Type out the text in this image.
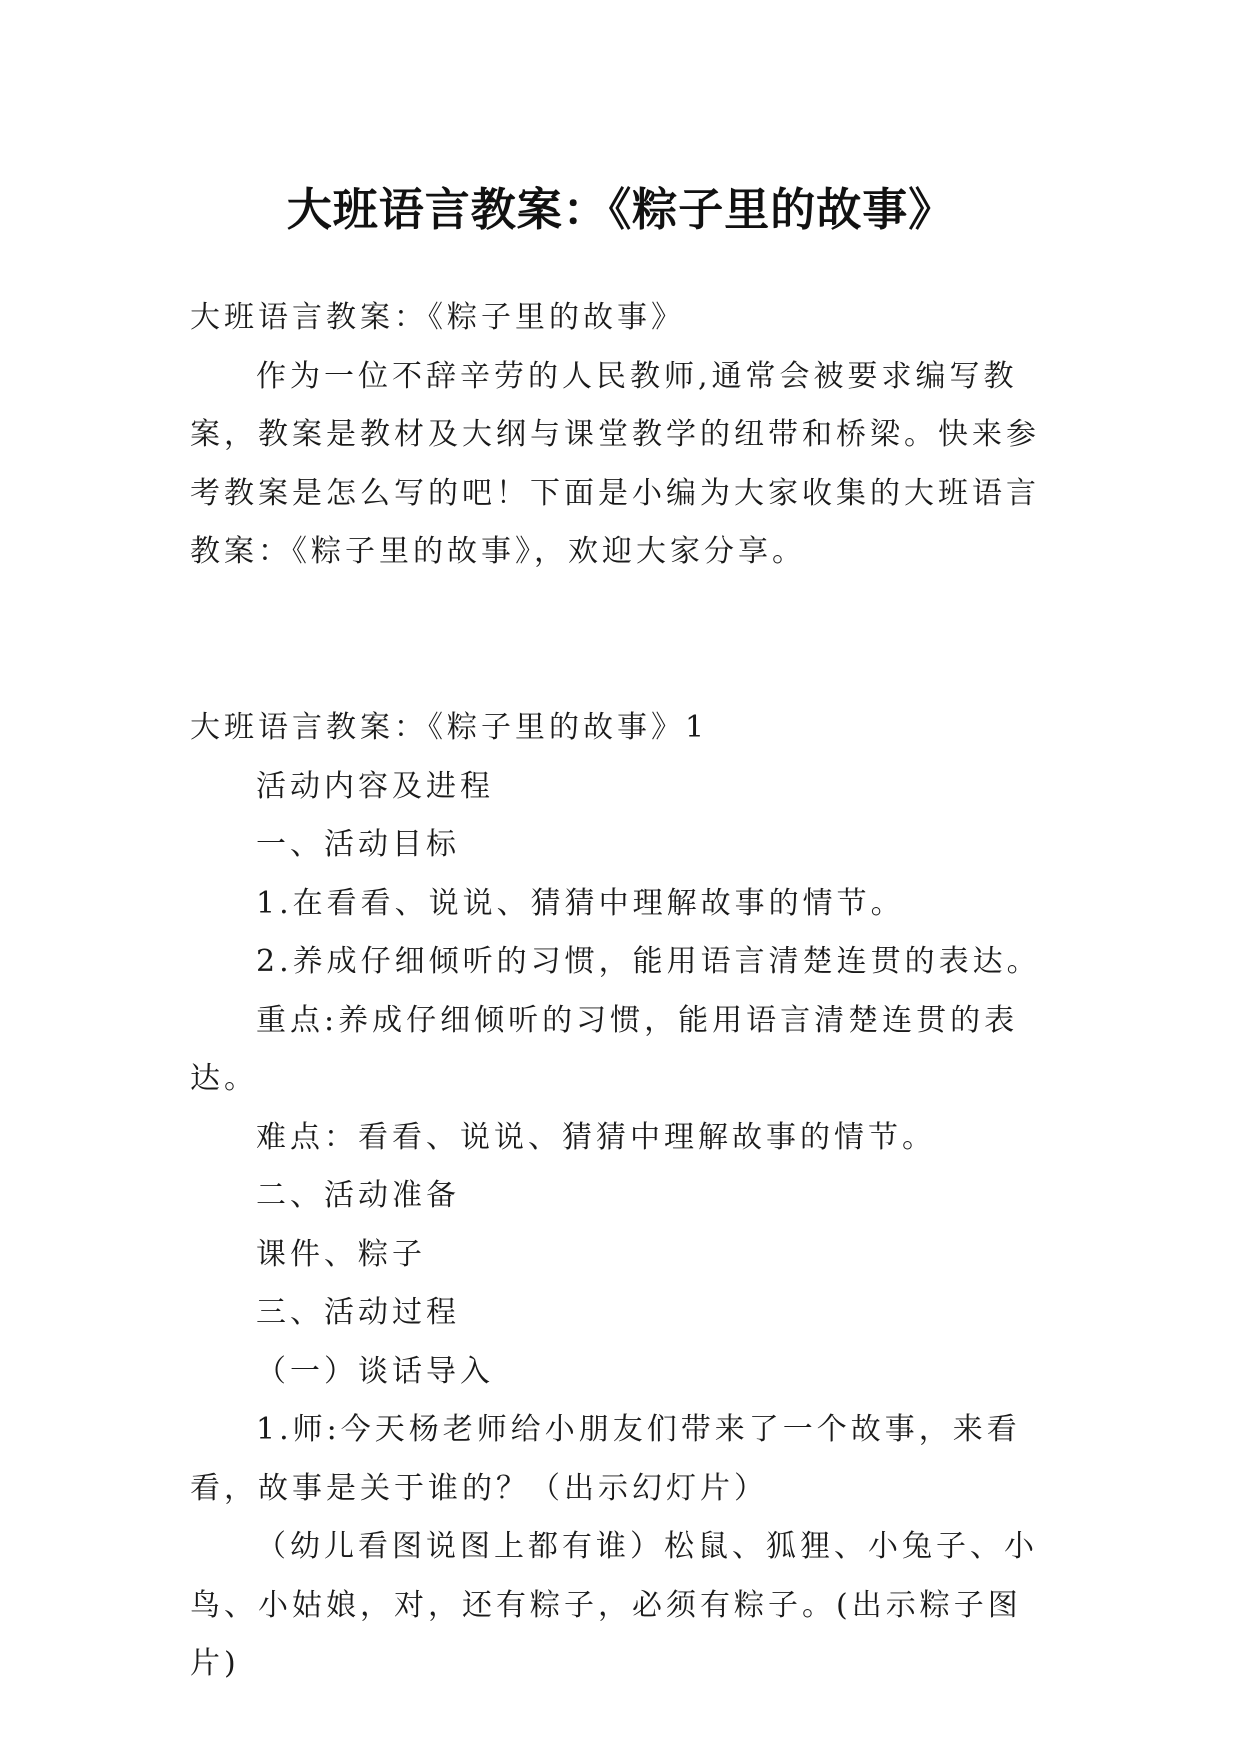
大班语言教案：《粽子里的故事》

大班语言教案：《粽子里的故事》

作为一位不辞辛劳的人民教师,通常会被要求编写教案，教案是教材及大纲与课堂教学的纽带和桥梁。快来参考教案是怎么写的吧！下面是小编为大家收集的大班语言教案：《粽子里的故事》，欢迎大家分享。

大班语言教案：《粽子里的故事》1

活动内容及进程

一、活动目标

1.在看看、说说、猜猜中理解故事的情节。

2.养成仔细倾听的习惯，能用语言清楚连贯的表达。

重点:养成仔细倾听的习惯，能用语言清楚连贯的表达。

难点：看看、说说、猜猜中理解故事的情节。

二、活动准备

课件、粽子

三、活动过程

（一）谈话导入

1.师:今天杨老师给小朋友们带来了一个故事，来看看，故事是关于谁的？（出示幻灯片）

（幼儿看图说图上都有谁）松鼠、狐狸、小兔子、小鸟、小姑娘，对，还有粽子，必须有粽子。(出示粽子图片)
